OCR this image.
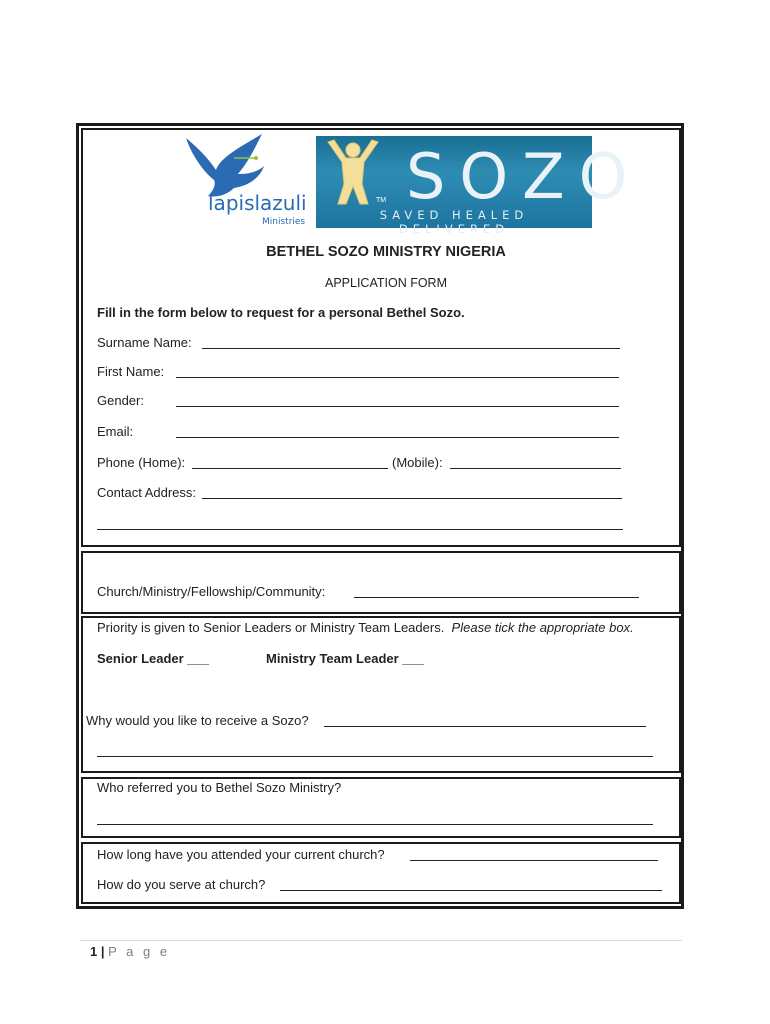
lapislazuli
Ministries
TM SOZO
SAVED HEALED DELIVERED
BETHEL SOZO MINISTRY NIGERIA
APPLICATION FORM
Fill in the form below to request for a personal Bethel Sozo.
Surname Name:
First Name:
Gender:
Email:
Phone (Home):	(Mobile):
Contact Address:
Church/Ministry/Fellowship/Community:
Priority is given to Senior Leaders or Ministry Team Leaders. Please tick the appropriate box.
Senior Leader ___	Ministry Team Leader ___
Why would you like to receive a Sozo?
Who referred you to Bethel Sozo Ministry?
How long have you attended your current church?
How do you serve at church?
1 | P a g e
